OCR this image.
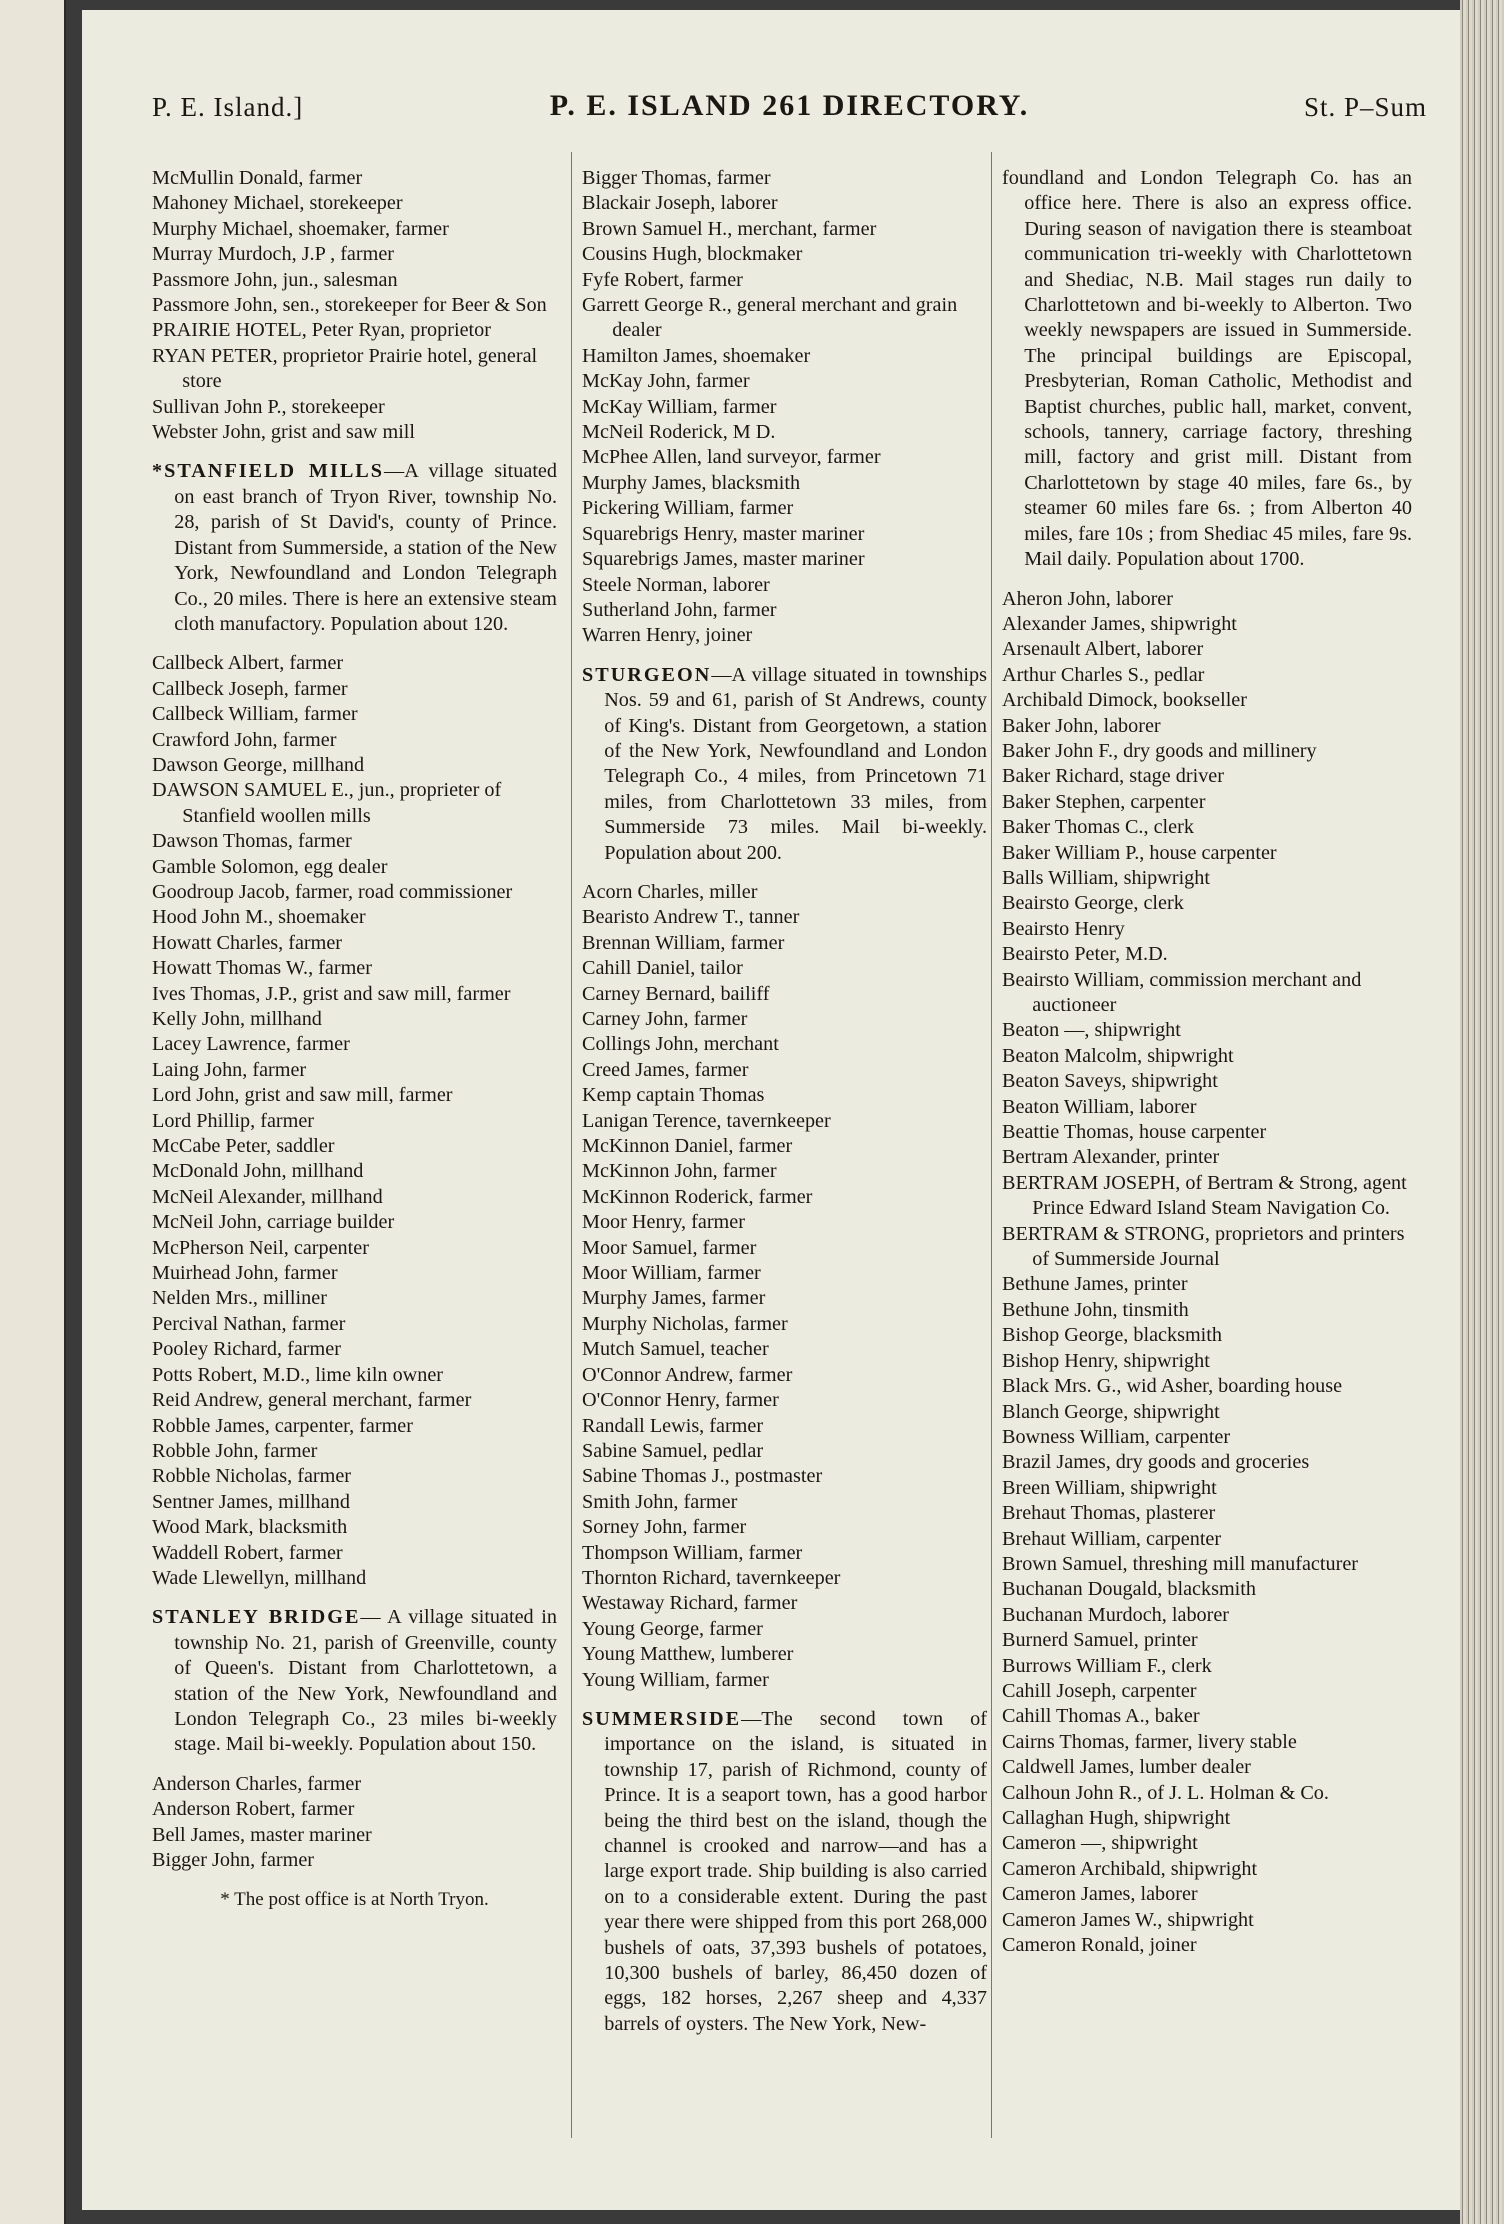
P. E. Island.]	P. E. ISLAND 261 DIRECTORY.	St. P–Sum
McMullin Donald, farmer
Mahoney Michael, storekeeper
Murphy Michael, shoemaker, farmer
Murray Murdoch, J.P , farmer
Passmore John, jun., salesman
Passmore John, sen., storekeeper for Beer & Son
PRAIRIE HOTEL, Peter Ryan, proprietor
RYAN PETER, proprietor Prairie hotel, general store
Sullivan John P., storekeeper
Webster John, grist and saw mill
*STANFIELD MILLS—A village situated on east branch of Tryon River, township No. 28, parish of St David's, county of Prince. Distant from Summerside, a station of the New York, Newfoundland and London Telegraph Co., 20 miles. There is here an extensive steam cloth manufactory. Population about 120.
Callbeck Albert, farmer
Callbeck Joseph, farmer
Callbeck William, farmer
Crawford John, farmer
Dawson George, millhand
DAWSON SAMUEL E., jun., proprieter of Stanfield woollen mills
Dawson Thomas, farmer
Gamble Solomon, egg dealer
Goodroup Jacob, farmer, road commissioner
Hood John M., shoemaker
Howatt Charles, farmer
Howatt Thomas W., farmer
Ives Thomas, J.P., grist and saw mill, farmer
Kelly John, millhand
Lacey Lawrence, farmer
Laing John, farmer
Lord John, grist and saw mill, farmer
Lord Phillip, farmer
McCabe Peter, saddler
McDonald John, millhand
McNeil Alexander, millhand
McNeil John, carriage builder
McPherson Neil, carpenter
Muirhead John, farmer
Nelden Mrs., milliner
Percival Nathan, farmer
Pooley Richard, farmer
Potts Robert, M.D., lime kiln owner
Reid Andrew, general merchant, farmer
Robble James, carpenter, farmer
Robble John, farmer
Robble Nicholas, farmer
Sentner James, millhand
Wood Mark, blacksmith
Waddell Robert, farmer
Wade Llewellyn, millhand
STANLEY BRIDGE— A village situated in township No. 21, parish of Greenville, county of Queen's. Distant from Charlottetown, a station of the New York, Newfoundland and London Telegraph Co., 23 miles bi-weekly stage. Mail bi-weekly. Population about 150.
Anderson Charles, farmer
Anderson Robert, farmer
Bell James, master mariner
Bigger John, farmer
* The post office is at North Tryon.
Bigger Thomas, farmer
Blackair Joseph, laborer
Brown Samuel H., merchant, farmer
Cousins Hugh, blockmaker
Fyfe Robert, farmer
Garrett George R., general merchant and grain dealer
Hamilton James, shoemaker
McKay John, farmer
McKay William, farmer
McNeil Roderick, M D.
McPhee Allen, land surveyor, farmer
Murphy James, blacksmith
Pickering William, farmer
Squarebrigs Henry, master mariner
Squarebrigs James, master mariner
Steele Norman, laborer
Sutherland John, farmer
Warren Henry, joiner
STURGEON—A village situated in townships Nos. 59 and 61, parish of St Andrews, county of King's. Distant from Georgetown, a station of the New York, Newfoundland and London Telegraph Co., 4 miles, from Princetown 71 miles, from Charlottetown 33 miles, from Summerside 73 miles. Mail bi-weekly. Population about 200.
Acorn Charles, miller
Bearisto Andrew T., tanner
Brennan William, farmer
Cahill Daniel, tailor
Carney Bernard, bailiff
Carney John, farmer
Collings John, merchant
Creed James, farmer
Kemp captain Thomas
Lanigan Terence, tavernkeeper
McKinnon Daniel, farmer
McKinnon John, farmer
McKinnon Roderick, farmer
Moor Henry, farmer
Moor Samuel, farmer
Moor William, farmer
Murphy James, farmer
Murphy Nicholas, farmer
Mutch Samuel, teacher
O'Connor Andrew, farmer
O'Connor Henry, farmer
Randall Lewis, farmer
Sabine Samuel, pedlar
Sabine Thomas J., postmaster
Smith John, farmer
Sorney John, farmer
Thompson William, farmer
Thornton Richard, tavernkeeper
Westaway Richard, farmer
Young George, farmer
Young Matthew, lumberer
Young William, farmer
SUMMERSIDE—The second town of importance on the island, is situated in township 17, parish of Richmond, county of Prince. It is a seaport town, has a good harbor being the third best on the island, though the channel is crooked and narrow—and has a large export trade. Ship building is also carried on to a considerable extent. During the past year there were shipped from this port 268,000 bushels of oats, 37,393 bushels of potatoes, 10,300 bushels of barley, 86,450 dozen of eggs, 182 horses, 2,267 sheep and 4,337 barrels of oysters. The New York, New-
foundland and London Telegraph Co. has an office here. There is also an express office. During season of navigation there is steamboat communication tri-weekly with Charlottetown and Shediac, N.B. Mail stages run daily to Charlottetown and bi-weekly to Alberton. Two weekly newspapers are issued in Summerside. The principal buildings are Episcopal, Presbyterian, Roman Catholic, Methodist and Baptist churches, public hall, market, convent, schools, tannery, carriage factory, threshing mill, factory and grist mill. Distant from Charlottetown by stage 40 miles, fare 6s., by steamer 60 miles fare 6s. ; from Alberton 40 miles, fare 10s ; from Shediac 45 miles, fare 9s. Mail daily. Population about 1700.
Aheron John, laborer
Alexander James, shipwright
Arsenault Albert, laborer
Arthur Charles S., pedlar
Archibald Dimock, bookseller
Baker John, laborer
Baker John F., dry goods and millinery
Baker Richard, stage driver
Baker Stephen, carpenter
Baker Thomas C., clerk
Baker William P., house carpenter
Balls William, shipwright
Beairsto George, clerk
Beairsto Henry
Beairsto Peter, M.D.
Beairsto William, commission merchant and auctioneer
Beaton —, shipwright
Beaton Malcolm, shipwright
Beaton Saveys, shipwright
Beaton William, laborer
Beattie Thomas, house carpenter
Bertram Alexander, printer
BERTRAM JOSEPH, of Bertram & Strong, agent Prince Edward Island Steam Navigation Co.
BERTRAM & STRONG, proprietors and printers of Summerside Journal
Bethune James, printer
Bethune John, tinsmith
Bishop George, blacksmith
Bishop Henry, shipwright
Black Mrs. G., wid Asher, boarding house
Blanch George, shipwright
Bowness William, carpenter
Brazil James, dry goods and groceries
Breen William, shipwright
Brehaut Thomas, plasterer
Brehaut William, carpenter
Brown Samuel, threshing mill manufacturer
Buchanan Dougald, blacksmith
Buchanan Murdoch, laborer
Burnerd Samuel, printer
Burrows William F., clerk
Cahill Joseph, carpenter
Cahill Thomas A., baker
Cairns Thomas, farmer, livery stable
Caldwell James, lumber dealer
Calhoun John R., of J. L. Holman & Co.
Callaghan Hugh, shipwright
Cameron —, shipwright
Cameron Archibald, shipwright
Cameron James, laborer
Cameron James W., shipwright
Cameron Ronald, joiner
